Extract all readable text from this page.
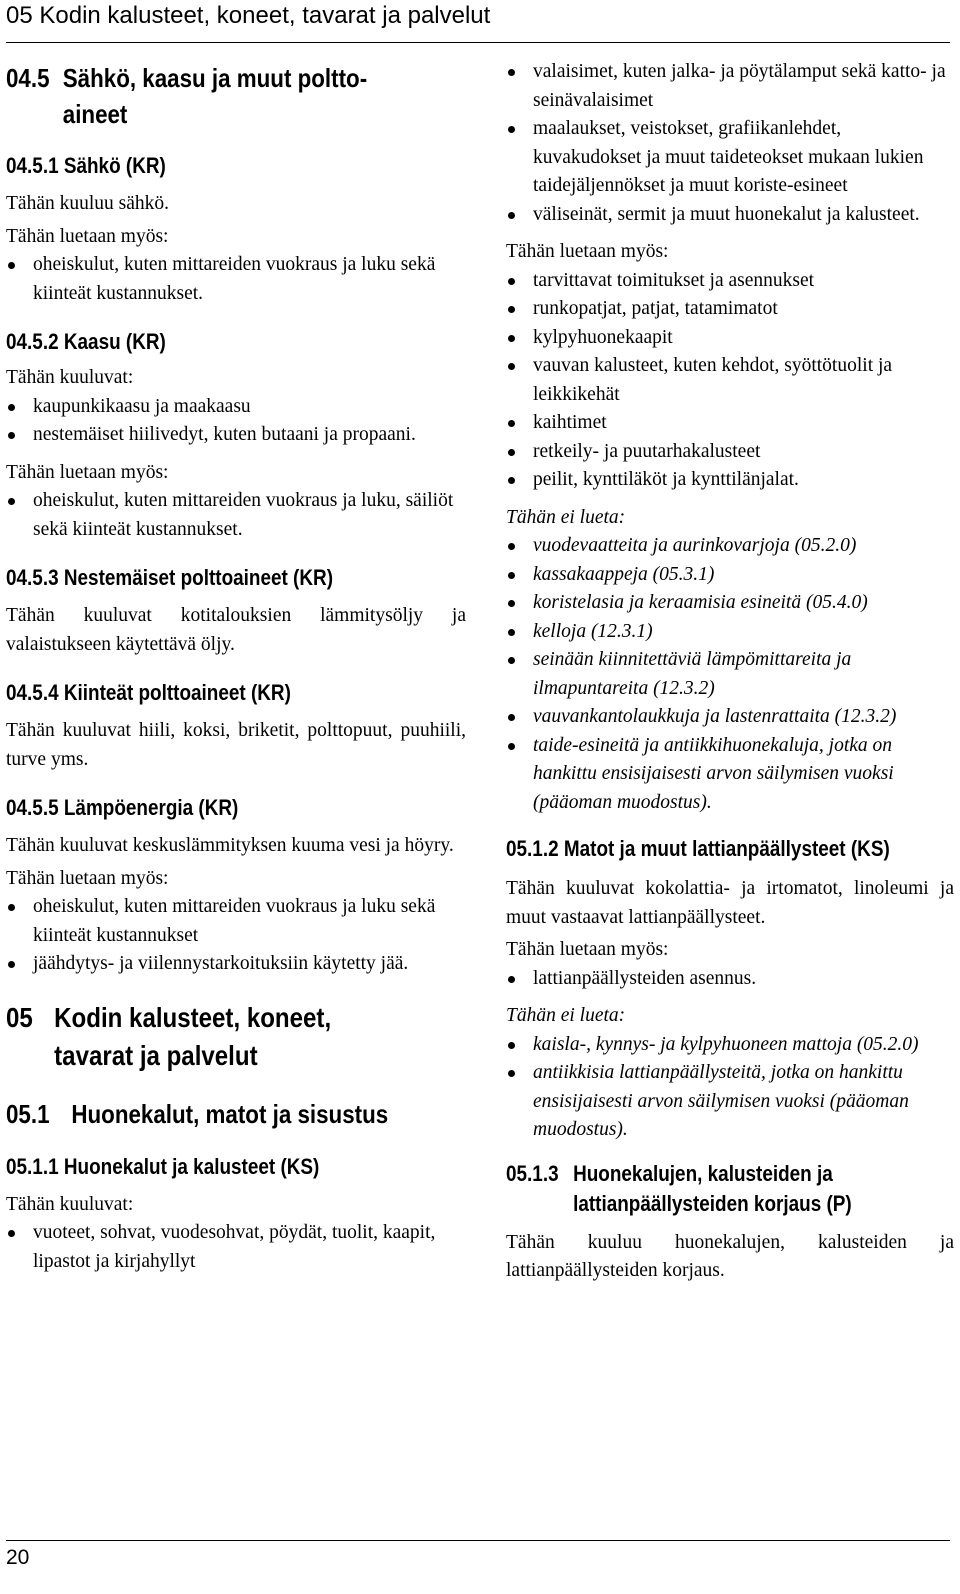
05 Kodin kalusteet, koneet, tavarat ja palvelut
04.5 Sähkö, kaasu ja muut poltto-
aineet
04.5.1 Sähkö (KR)

Tähän kuuluu sähkö.

Tähän luetaan myös:

oheiskulut, kuten mittareiden vuokraus ja luku sekä kiinteät kustannukset.
04.5.2 Kaasu (KR)

Tähän kuuluvat:

kaupunkikaasu ja maakaasu
nestemäiset hiilivedyt, kuten butaani ja propaani.

Tähän luetaan myös:

oheiskulut, kuten mittareiden vuokraus ja luku, säiliöt sekä kiinteät kustannukset.
04.5.3 Nestemäiset polttoaineet (KR)

Tähän kuuluvat kotitalouksien lämmitysöljy ja valaistukseen käytettävä öljy.

04.5.4 Kiinteät polttoaineet (KR)

Tähän kuuluvat hiili, koksi, briketit, polttopuut, puuhiili, turve yms.

04.5.5 Lämpöenergia (KR)

Tähän kuuluvat keskuslämmityksen kuuma vesi ja höyry.

Tähän luetaan myös:

oheiskulut, kuten mittareiden vuokraus ja luku sekä kiinteät kustannukset
jäähdytys- ja viilennystarkoituksiin käytetty jää.
05 Kodin kalusteet, koneet,
tavarat ja palvelut
05.1 Huonekalut, matot ja sisustus
05.1.1 Huonekalut ja kalusteet (KS)

Tähän kuuluvat:

vuoteet, sohvat, vuodesohvat, pöydät, tuolit, kaapit, lipastot ja kirjahyllyt
valaisimet, kuten jalka- ja pöytälamput sekä katto- ja seinävalaisimet
maalaukset, veistokset, grafiikanlehdet, kuvakudokset ja muut taideteokset mukaan lukien taidejäljennökset ja muut koriste-esineet
väliseinät, sermit ja muut huonekalut ja kalusteet.

Tähän luetaan myös:

tarvittavat toimitukset ja asennukset
runkopatjat, patjat, tatamimatot
kylpyhuonekaapit
vauvan kalusteet, kuten kehdot, syöttötuolit ja leikkikehät
kaihtimet
retkeily- ja puutarhakalusteet
peilit, kynttiläköt ja kynttilänjalat.

Tähän ei lueta:

vuodevaatteita ja aurinkovarjoja (05.2.0)
kassakaappeja (05.3.1)
koristelasia ja keraamisia esineitä (05.4.0)
kelloja (12.3.1)
seinään kiinnitettäviä lämpömittareita ja ilmapuntareita (12.3.2)
vauvankantolaukkuja ja lastenrattaita (12.3.2)
taide-esineitä ja antiikkihuonekaluja, jotka on hankittu ensisijaisesti arvon säilymisen vuoksi (pääoman muodostus).
05.1.2 Matot ja muut lattianpäällysteet (KS)

Tähän kuuluvat kokolattia- ja irtomatot, linoleumi ja muut vastaavat lattianpäällysteet.

Tähän luetaan myös:

lattianpäällysteiden asennus.

Tähän ei lueta:

kaisla-, kynnys- ja kylpyhuoneen mattoja (05.2.0)
antiikkisia lattianpäällysteitä, jotka on hankittu ensisijaisesti arvon säilymisen vuoksi (pääoman muodostus).
05.1.3 Huonekalujen, kalusteiden ja
lattianpäällysteiden korjaus (P)

Tähän kuuluu huonekalujen, kalusteiden ja lattianpäällysteiden korjaus.

20
